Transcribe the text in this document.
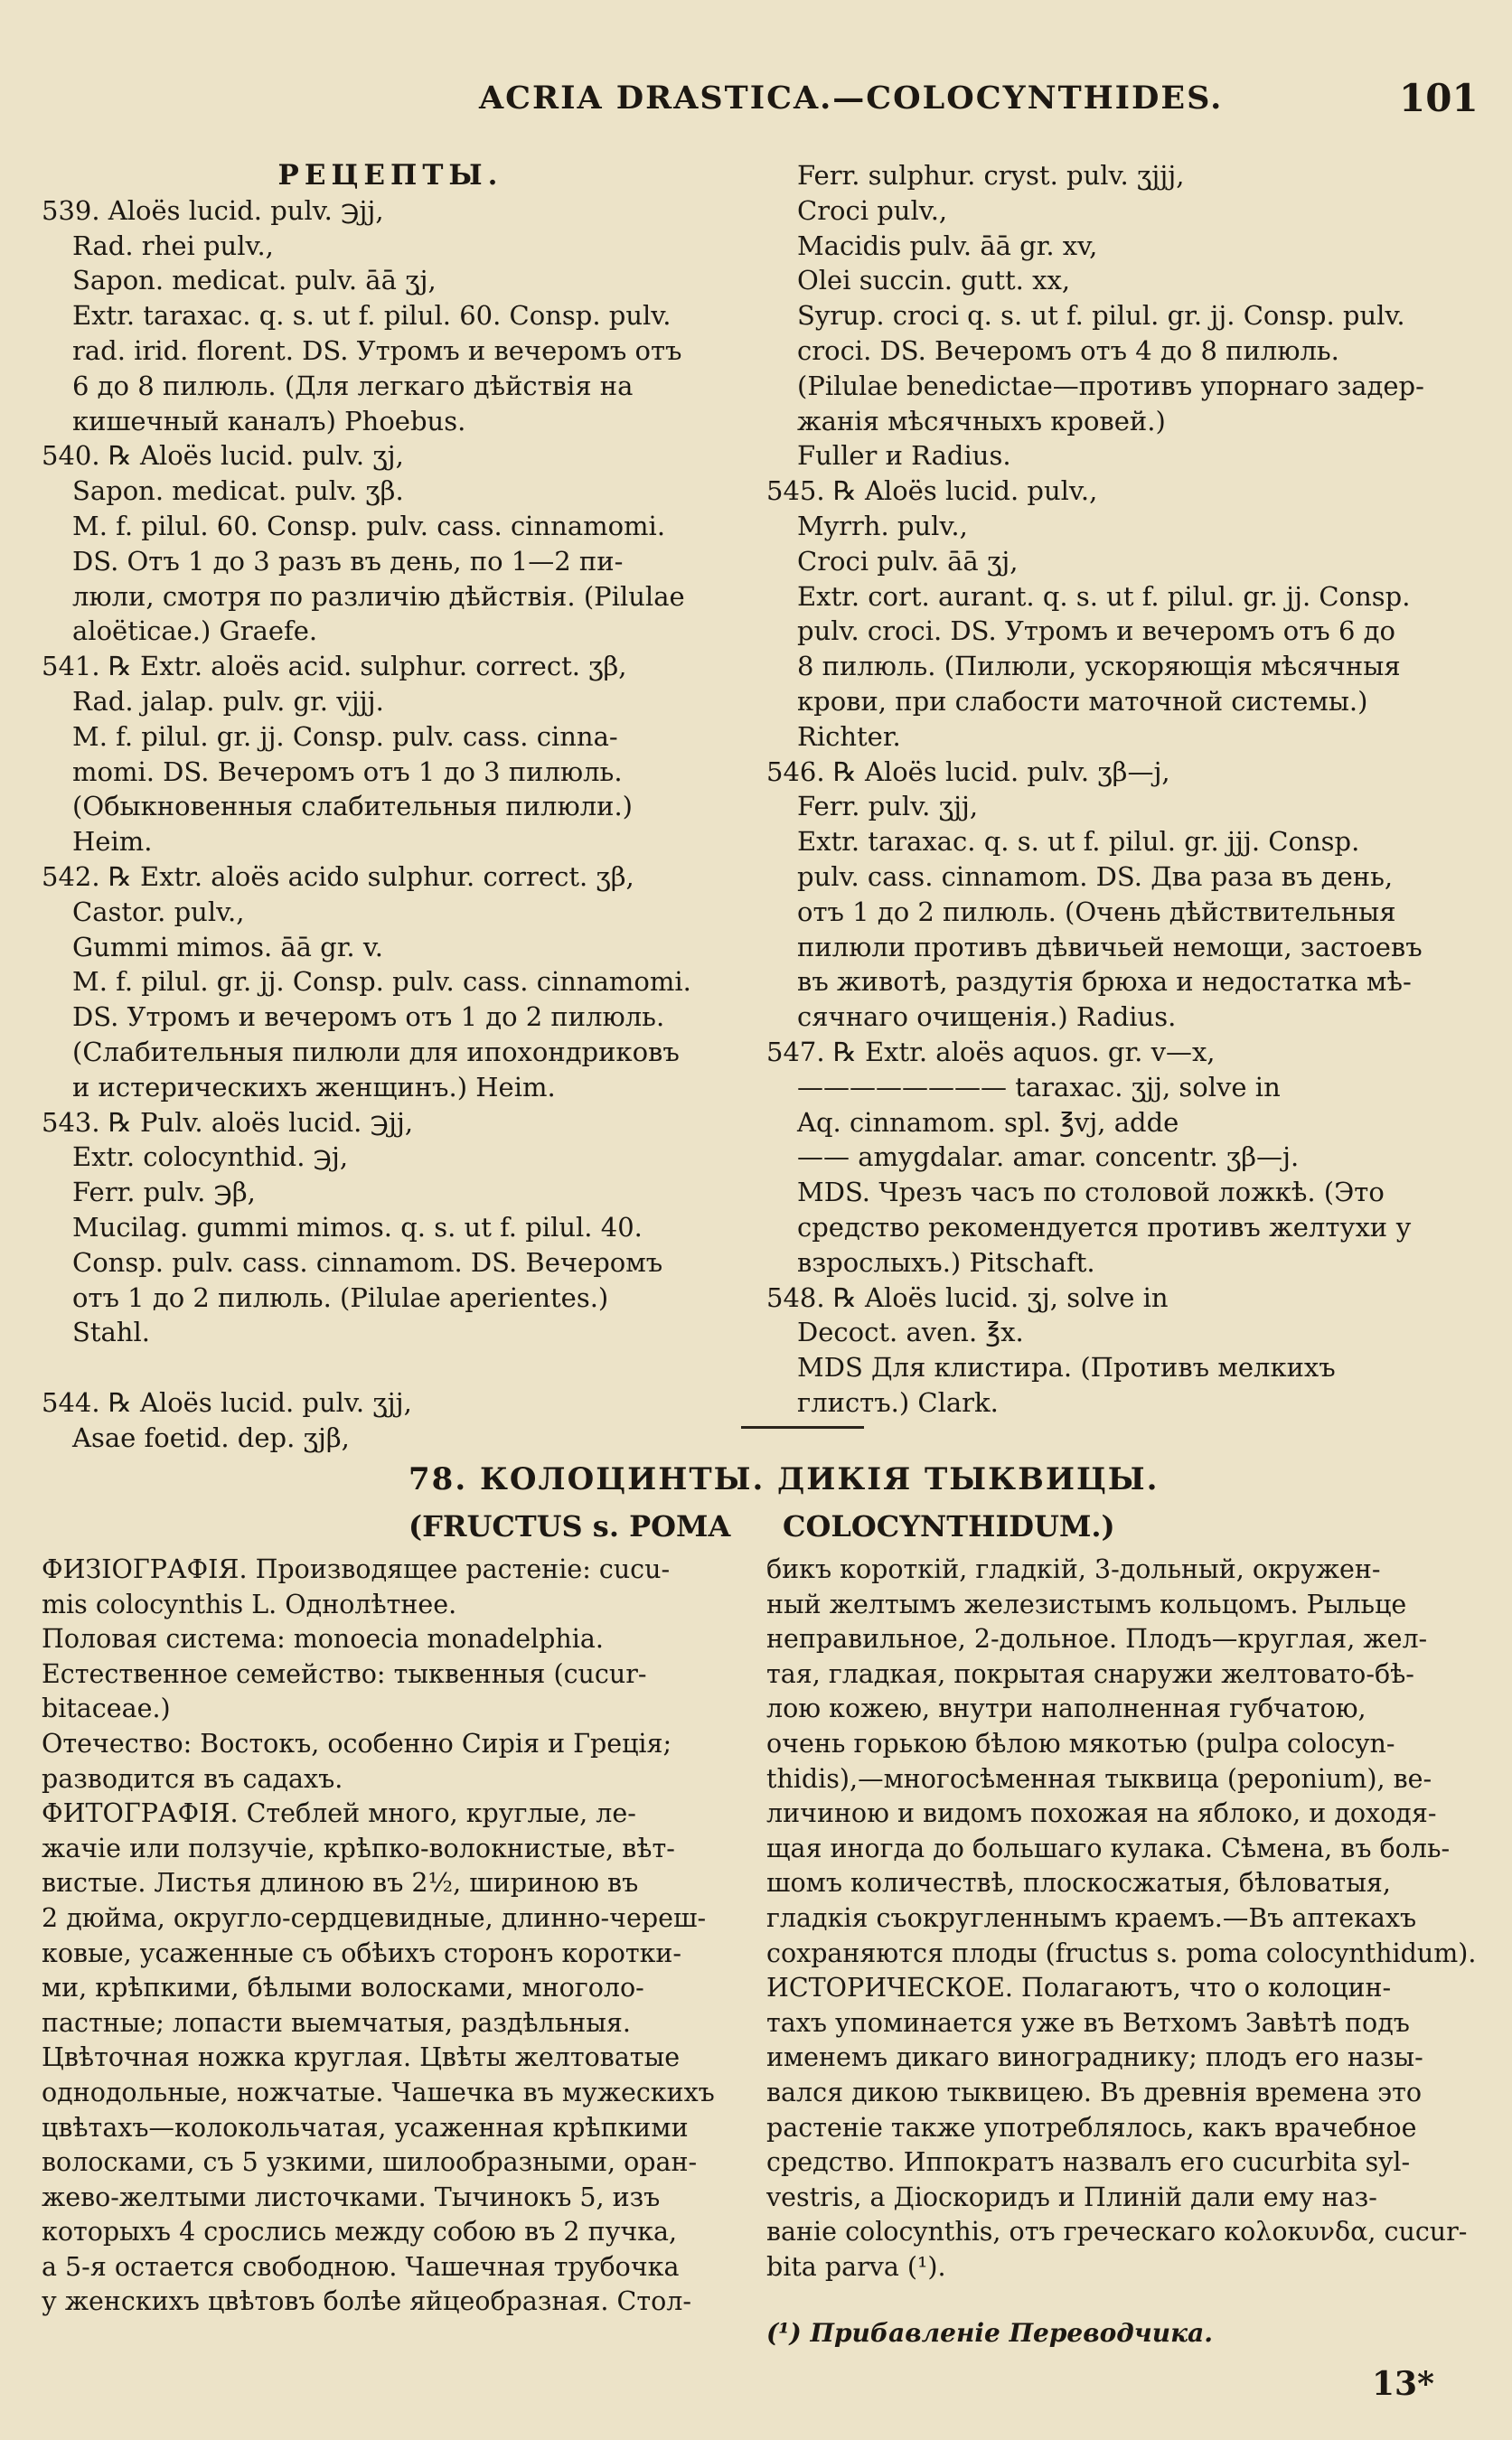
ACRIA DRASTICA.—COLOCYNTHIDES.	101
РЕЦЕПТЫ.
539. Aloës lucid. pulv. ℈jj,
Rad. rhei pulv.,
Sapon. medicat. pulv. āā ʒj,
Extr. taraxac. q. s. ut f. pilul. 60. Consp. pulv.
rad. irid. florent. DS. Утромъ и вечеромъ отъ
6 до 8 пилюль. (Для легкаго дѣйствія на
кишечный каналъ) Phoebus.
540. ℞ Aloës lucid. pulv. ʒj,
Sapon. medicat. pulv. ʒβ.
M. f. pilul. 60. Consp. pulv. cass. cinnamomi.
DS. Отъ 1 до 3 разъ въ день, по 1—2 пи-
люли, смотря по различію дѣйствія. (Pilulae
aloëticae.) Graefe.
541. ℞ Extr. aloës acid. sulphur. correct. ʒβ,
Rad. jalap. pulv. gr. vjjj.
M. f. pilul. gr. jj. Consp. pulv. cass. cinna-
momi. DS. Вечеромъ отъ 1 до 3 пилюль.
(Обыкновенныя слабительныя пилюли.)
Heim.
542. ℞ Extr. aloës acido sulphur. correct. ʒβ,
Castor. pulv.,
Gummi mimos. āā gr. v.
M. f. pilul. gr. jj. Consp. pulv. cass. cinnamomi.
DS. Утромъ и вечеромъ отъ 1 до 2 пилюль.
(Слабительныя пилюли для ипохондриковъ
и истерическихъ женщинъ.) Heim.
543. ℞ Pulv. aloës lucid. ℈jj,
Extr. colocynthid. ℈j,
Ferr. pulv. ℈β,
Mucilag. gummi mimos. q. s. ut f. pilul. 40.
Consp. pulv. cass. cinnamom. DS. Вечеромъ
отъ 1 до 2 пилюль. (Pilulae aperientes.)
Stahl.

544. ℞ Aloës lucid. pulv. ʒjj,
Asae foetid. dep. ʒjβ,
Ferr. sulphur. cryst. pulv. ʒjjj,
Croci pulv.,
Macidis pulv. āā gr. xv,
Olei succin. gutt. xx,
Syrup. croci q. s. ut f. pilul. gr. jj. Consp. pulv.
croci. DS. Вечеромъ отъ 4 до 8 пилюль.
(Pilulae benedictae—противъ упорнаго задер-
жанія мѣсячныхъ кровей.)
Fuller и Radius.
545. ℞ Aloës lucid. pulv.,
Myrrh. pulv.,
Croci pulv. āā ʒj,
Extr. cort. aurant. q. s. ut f. pilul. gr. jj. Consp.
pulv. croci. DS. Утромъ и вечеромъ отъ 6 до
8 пилюль. (Пилюли, ускоряющія мѣсячныя
крови, при слабости маточной системы.)
Richter.
546. ℞ Aloës lucid. pulv. ʒβ—j,
Ferr. pulv. ʒjj,
Extr. taraxac. q. s. ut f. pilul. gr. jjj. Consp.
pulv. cass. cinnamom. DS. Два раза въ день,
отъ 1 до 2 пилюль. (Очень дѣйствительныя
пилюли противъ дѣвичьей немощи, застоевъ
въ животѣ, раздутія брюха и недостатка мѣ-
сячнаго очищенія.) Radius.
547. ℞ Extr. aloës aquos. gr. v—x,
———————— taraxac. ʒjj, solve in
Aq. cinnamom. spl. ℥vj, adde
—— amygdalar. amar. concentr. ʒβ—j.
MDS. Чрезъ часъ по столовой ложкѣ. (Это
средство рекомендуется противъ желтухи у
взрослыхъ.) Pitschaft.
548. ℞ Aloës lucid. ʒj, solve in
Decoct. aven. ℥x.
MDS Для клистира. (Противъ мелкихъ
глистъ.) Clark.
78. КОЛОЦИНТЫ. ДИКІЯ ТЫКВИЦЫ.
(FRUCTUS s. POMA COLOCYNTHIDUM.)
ФИЗІОГРАФІЯ. Производящее растеніе: cucu-
mis colocynthis L. Однолѣтнее.
Половая система: monoecia monadelphia.
Естественное семейство: тыквенныя (cucur-
bitaceae.)
Отечество: Востокъ, особенно Сирія и Греція;
разводится въ садахъ.
ФИТОГРАФІЯ. Стеблей много, круглые, ле-
жачіе или ползучіе, крѣпко-волокнистые, вѣт-
вистые. Листья длиною въ 2½, шириною въ
2 дюйма, округло-сердцевидные, длинно-череш-
ковые, усаженные съ обѣихъ сторонъ коротки-
ми, крѣпкими, бѣлыми волосками, многоло-
пастные; лопасти выемчатыя, раздѣльныя.
Цвѣточная ножка круглая. Цвѣты желтоватые
однодольные, ножчатые. Чашечка въ мужескихъ
цвѣтахъ—колокольчатая, усаженная крѣпкими
волосками, съ 5 узкими, шилообразными, оран-
жево-желтыми листочками. Тычинокъ 5, изъ
которыхъ 4 срослись между собою въ 2 пучка,
а 5-я остается свободною. Чашечная трубочка
у женскихъ цвѣтовъ болѣе яйцеобразная. Стол-
бикъ короткій, гладкій, 3-дольный, окружен-
ный желтымъ железистымъ кольцомъ. Рыльце
неправильное, 2-дольное. Плодъ—круглая, жел-
тая, гладкая, покрытая снаружи желтовато-бѣ-
лою кожею, внутри наполненная губчатою,
очень горькою бѣлою мякотью (pulpa colocyn-
thidis),—многосѣменная тыквица (peponium), ве-
личиною и видомъ похожая на яблоко, и доходя-
щая иногда до большаго кулака. Сѣмена, въ боль-
шомъ количествѣ, плоскосжатыя, бѣловатыя,
гладкія съокругленнымъ краемъ.—Въ аптекахъ
сохраняются плоды (fructus s. poma colocynthidum).
ИСТОРИЧЕСКОЕ. Полагаютъ, что о колоцин-
тахъ упоминается уже въ Ветхомъ Завѣтѣ подъ
именемъ дикаго винограднику; плодъ его назы-
вался дикою тыквицею. Въ древнія времена это
растеніе также употреблялось, какъ врачебное
средство. Иппократъ назвалъ его cucurbita syl-
vestris, а Діоскоридъ и Плиній дали ему наз-
ваніе colocynthis, отъ греческаго κολοκυνδα, cucur-
bita parva (¹).
(¹) Прибавленіе Переводчика.
13*
